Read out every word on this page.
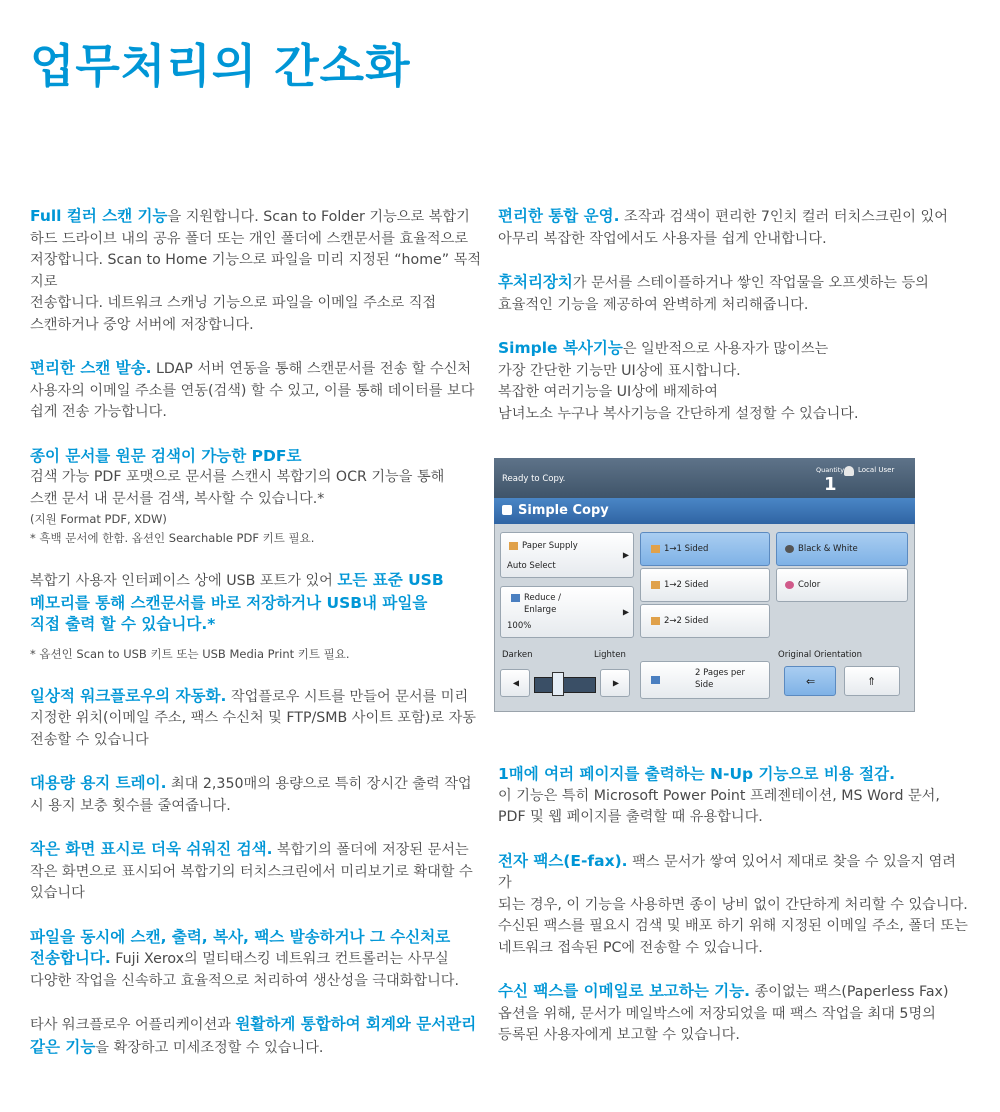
업무처리의 간소화

Full 컬러 스캔 기능을 지원합니다. Scan to Folder 기능으로 복합기
하드 드라이브 내의 공유 폴더 또는 개인 폴더에 스캔문서를 효율적으로
저장합니다. Scan to Home 기능으로 파일을 미리 지정된 “home” 목적지로
전송합니다. 네트워크 스캐닝 기능으로 파일을 이메일 주소로 직접
스캔하거나 중앙 서버에 저장합니다.

편리한 스캔 발송. LDAP 서버 연동을 통해 스캔문서를 전송 할 수신처
사용자의 이메일 주소를 연동(검색) 할 수 있고, 이를 통해 데이터를 보다
쉽게 전송 가능합니다.

종이 문서를 원문 검색이 가능한 PDF로
검색 가능 PDF 포맷으로 문서를 스캔시 복합기의 OCR 기능을 통해
스캔 문서 내 문서를 검색, 복사할 수 있습니다.*

(지원 Format PDF, XDW)

* 흑백 문서에 한함. 옵션인 Searchable PDF 키트 필요.

복합기 사용자 인터페이스 상에 USB 포트가 있어 모든 표준 USB
메모리를 통해 스캔문서를 바로 저장하거나 USB내 파일을
직접 출력 할 수 있습니다.*

* 옵션인 Scan to USB 키트 또는 USB Media Print 키트 필요.

일상적 워크플로우의 자동화. 작업플로우 시트를 만들어 문서를 미리
지정한 위치(이메일 주소, 팩스 수신처 및 FTP/SMB 사이트 포함)로 자동
전송할 수 있습니다

대용량 용지 트레이. 최대 2,350매의 용량으로 특히 장시간 출력 작업
시 용지 보충 횟수를 줄여줍니다.

작은 화면 표시로 더욱 쉬워진 검색. 복합기의 폴더에 저장된 문서는
작은 화면으로 표시되어 복합기의 터치스크린에서 미리보기로 확대할 수
있습니다

파일을 동시에 스캔, 출력, 복사, 팩스 발송하거나 그 수신처로
전송합니다. Fuji Xerox의 멀티태스킹 네트워크 컨트롤러는 사무실
다양한 작업을 신속하고 효율적으로 처리하여 생산성을 극대화합니다.

타사 워크플로우 어플리케이션과 원활하게 통합하여 회계와 문서관리
같은 기능을 확장하고 미세조정할 수 있습니다.

편리한 통합 운영. 조작과 검색이 편리한 7인치 컬러 터치스크린이 있어
아무리 복잡한 작업에서도 사용자를 쉽게 안내합니다.

후처리장치가 문서를 스테이플하거나 쌓인 작업물을 오프셋하는 등의
효율적인 기능을 제공하여 완벽하게 처리해줍니다.

Simple 복사기능은 일반적으로 사용자가 많이쓰는
가장 간단한 기능만 UI상에 표시합니다.
복잡한 여러기능을 UI상에 배제하여
남녀노소 누구나 복사기능을 간단하게 설정할 수 있습니다.

Ready to Copy.
Quantity
1
Local User
Simple Copy
Paper Supply
Auto Select
▶
Reduce /
Enlarge
100%
▶
Darken	Lighten
◀	▶
1→1 Sided
1→2 Sided
2→2 Sided
2 Pages per
Side
Black & White
Color
Original Orientation
⇐	⇑

1매에 여러 페이지를 출력하는 N-Up 기능으로 비용 절감.
이 기능은 특히 Microsoft Power Point 프레젠테이션, MS Word 문서,
PDF 및 웹 페이지를 출력할 때 유용합니다.

전자 팩스(E-fax). 팩스 문서가 쌓여 있어서 제대로 찾을 수 있을지 염려가
되는 경우, 이 기능을 사용하면 종이 낭비 없이 간단하게 처리할 수 있습니다.
수신된 팩스를 필요시 검색 및 배포 하기 위해 지정된 이메일 주소, 폴더 또는
네트워크 접속된 PC에 전송할 수 있습니다.

수신 팩스를 이메일로 보고하는 기능. 종이없는 팩스(Paperless Fax)
옵션을 위해, 문서가 메일박스에 저장되었을 때 팩스 작업을 최대 5명의
등록된 사용자에게 보고할 수 있습니다.
